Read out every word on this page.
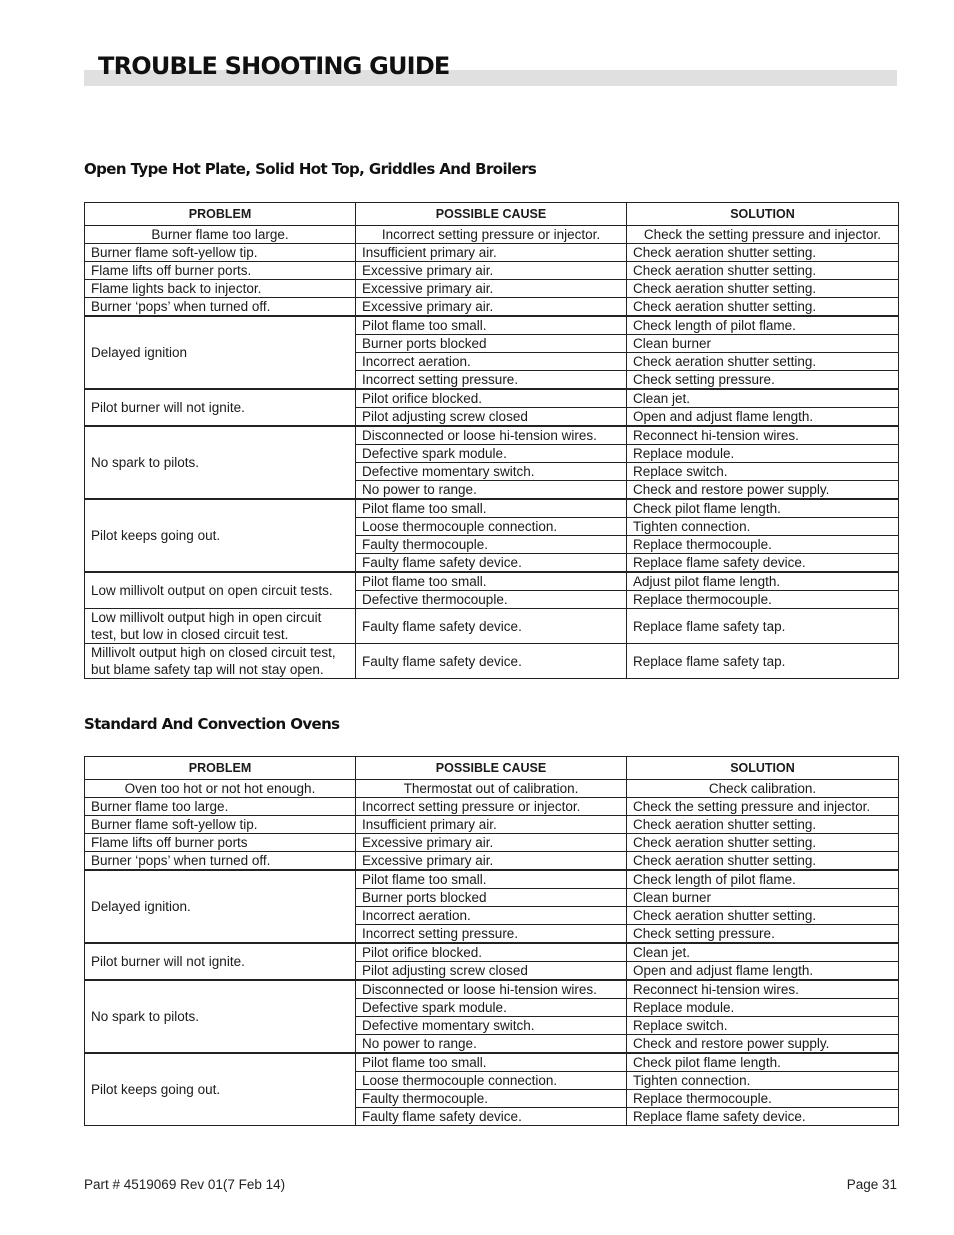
TROUBLE SHOOTING GUIDE
Open Type Hot Plate, Solid Hot Top, Griddles And Broilers
PROBLEM	POSSIBLE CAUSE	SOLUTION
Burner flame too large.	Incorrect setting pressure or injector.	Check the setting pressure and injector.
Burner flame soft-yellow tip.	Insufficient primary air.	Check aeration shutter setting.
Flame lifts off burner ports.	Excessive primary air.	Check aeration shutter setting.
Flame lights back to injector.	Excessive primary air.	Check aeration shutter setting.
Burner ‘pops’ when turned off.	Excessive primary air.	Check aeration shutter setting.
Delayed ignition	Pilot flame too small.	Check length of pilot flame.
	Burner ports blocked	Clean burner
	Incorrect aeration.	Check aeration shutter setting.
	Incorrect setting pressure.	Check setting pressure.
Pilot burner will not ignite.	Pilot orifice blocked.	Clean jet.
	Pilot adjusting screw closed	Open and adjust flame length.
No spark to pilots.	Disconnected or loose hi-tension wires.	Reconnect hi-tension wires.
	Defective spark module.	Replace module.
	Defective momentary switch.	Replace switch.
	No power to range.	Check and restore power supply.
Pilot keeps going out.	Pilot flame too small.	Check pilot flame length.
	Loose thermocouple connection.	Tighten connection.
	Faulty thermocouple.	Replace thermocouple.
	Faulty flame safety device.	Replace flame safety device.
Low millivolt output on open circuit tests.	Pilot flame too small.	Adjust pilot flame length.
	Defective thermocouple.	Replace thermocouple.
Low millivolt output high in open circuit test, but low in closed circuit test.	Faulty flame safety device.	Replace flame safety tap.
Millivolt output high on closed circuit test, but blame safety tap will not stay open.	Faulty flame safety device.	Replace flame safety tap.
Standard And Convection Ovens
PROBLEM	POSSIBLE CAUSE	SOLUTION
Oven too hot or not hot enough.	Thermostat out of calibration.	Check calibration.
Burner flame too large.	Incorrect setting pressure or injector.	Check the setting pressure and injector.
Burner flame soft-yellow tip.	Insufficient primary air.	Check aeration shutter setting.
Flame lifts off burner ports	Excessive primary air.	Check aeration shutter setting.
Burner ‘pops’ when turned off.	Excessive primary air.	Check aeration shutter setting.
Delayed ignition.	Pilot flame too small.	Check length of pilot flame.
	Burner ports blocked	Clean burner
	Incorrect aeration.	Check aeration shutter setting.
	Incorrect setting pressure.	Check setting pressure.
Pilot burner will not ignite.	Pilot orifice blocked.	Clean jet.
	Pilot adjusting screw closed	Open and adjust flame length.
No spark to pilots.	Disconnected or loose hi-tension wires.	Reconnect hi-tension wires.
	Defective spark module.	Replace module.
	Defective momentary switch.	Replace switch.
	No power to range.	Check and restore power supply.
Pilot keeps going out.	Pilot flame too small.	Check pilot flame length.
	Loose thermocouple connection.	Tighten connection.
	Faulty thermocouple.	Replace thermocouple.
	Faulty flame safety device.	Replace flame safety device.
Part # 4519069 Rev 01(7 Feb 14)	Page 31
